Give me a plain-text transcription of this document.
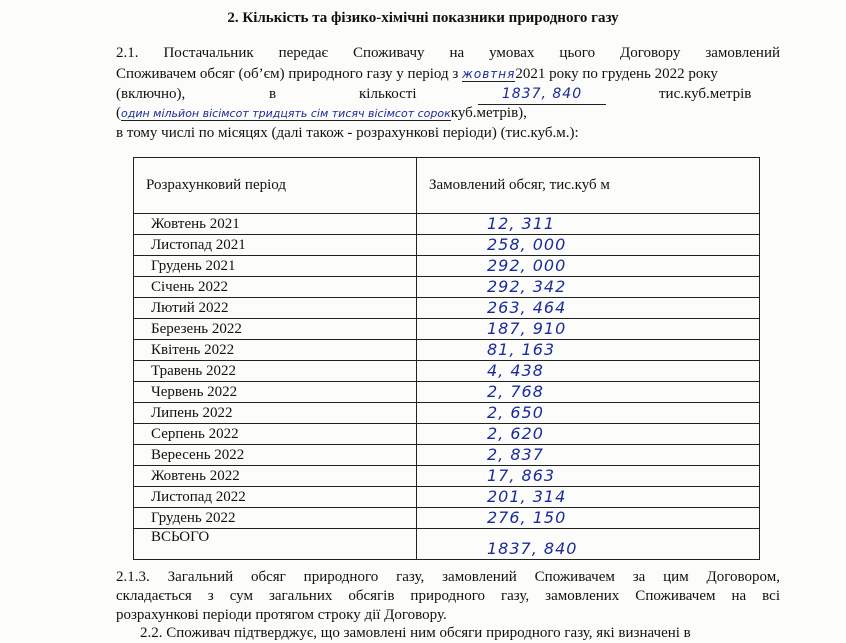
2. Кількість та фізико-хімічні показники природного газу
2.1. Постачальник передає Споживачу на умовах цього Договору замовлений
Споживачем обсяг (об’єм) природного газу у період з жовтня2021 року по грудень 2022 року
(включно),	в	кількості	1837, 840	тис.куб.метрів
(один мільйон вісімсот тридцять сім тисяч вісімсот сороккуб.метрів),
в тому числі по місяцях (далі також - розрахункові періоди) (тис.куб.м.):
Розрахунковий період	Замовлений обсяг, тис.куб м
Жовтень 2021	12, 311
Листопад 2021	258, 000
Грудень 2021	292, 000
Січень 2022	292, 342
Лютий 2022	263, 464
Березень 2022	187, 910
Квітень 2022	81, 163
Травень 2022	4, 438
Червень 2022	2, 768
Липень 2022	2, 650
Серпень 2022	2, 620
Вересень 2022	2, 837
Жовтень 2022	17, 863
Листопад 2022	201, 314
Грудень 2022	276, 150
ВСЬОГО	1837, 840
2.1.3. Загальний обсяг природного газу, замовлений Споживачем за цим Договором,
складається з сум загальних обсягів природного газу, замовлених Споживачем на всі
розрахункові періоди протягом строку дії Договору.
2.2. Споживач підтверджує, що замовлені ним обсяги природного газу, які визначені в
